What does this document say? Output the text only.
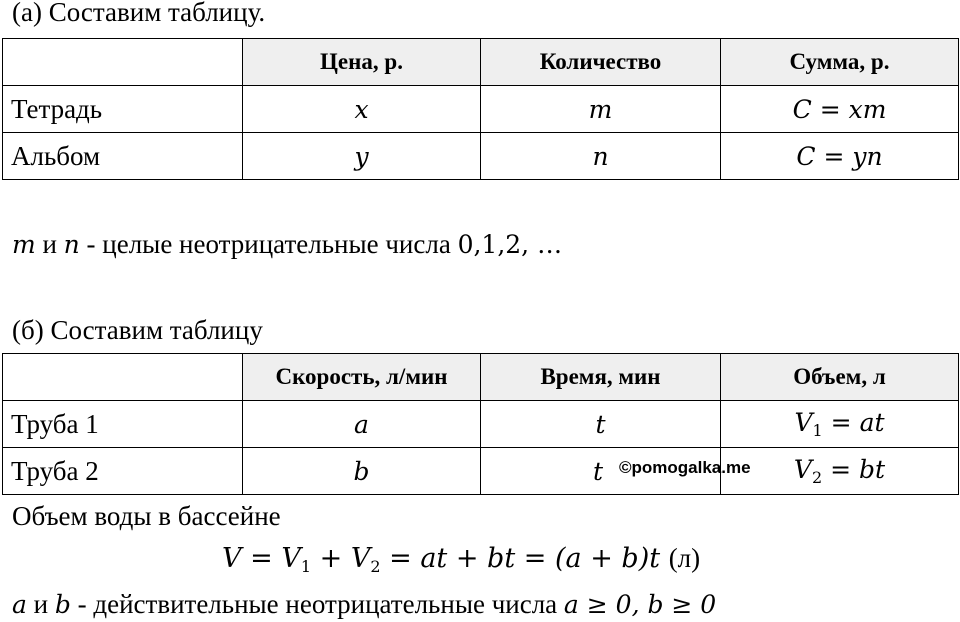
(а) Составим таблицу.
	Цена, р.	Количество	Сумма, р.
Тетрадь	x	m	C = xm
Альбом	y	n	C = yn
m и n - целые неотрицательные числа 0,1,2, …
(б) Составим таблицу
	Скорость, л/мин	Время, мин	Объем, л
Труба 1	a	t	$V_1$ = at
Труба 2	b	t	$V_2$ = bt
©pomogalka.me
Объем воды в бассейне
$V = V_1 + V_2$ = at + bt = (a + b)t (л)
a и b - действительные неотрицательные числа a ≥ 0, b ≥ 0
